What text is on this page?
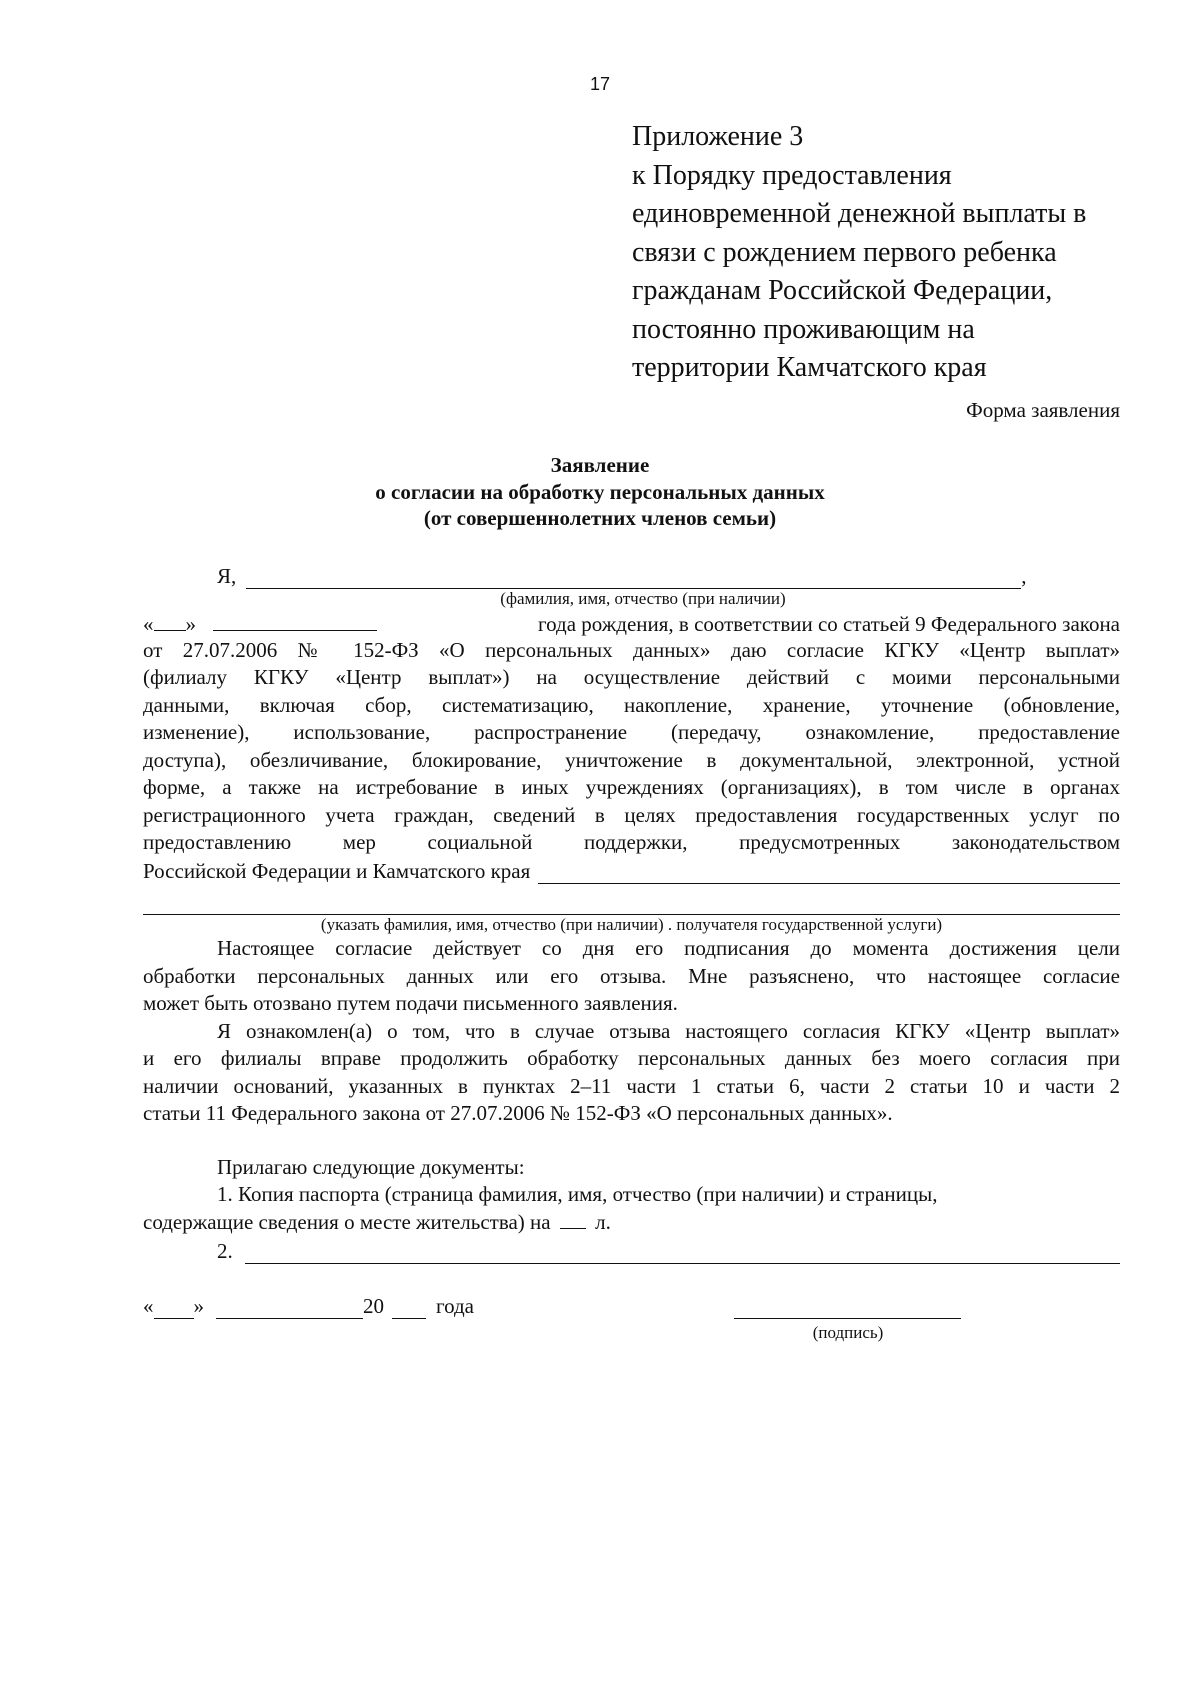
17
Приложение 3
к Порядку предоставления
единовременной денежной выплаты в
связи с рождением первого ребенка
гражданам Российской Федерации,
постоянно проживающим на
территории Камчатского края
Форма заявления
Заявление
о согласии на обработку персональных данных
(от совершеннолетних членов семьи)
Я,	,
(фамилия, имя, отчество (при наличии)
« »	года рождения, в соответствии со статьей 9 Федерального закона
от 27.07.2006 № 152-ФЗ «О персональных данных» даю согласие КГКУ «Центр выплат»
(филиалу КГКУ «Центр выплат») на осуществление действий с моими персональными
данными, включая сбор, систематизацию, накопление, хранение, уточнение (обновление,
изменение), использование, распространение (передачу, ознакомление, предоставление
доступа), обезличивание, блокирование, уничтожение в документальной, электронной, устной
форме, а также на истребование в иных учреждениях (организациях), в том числе в органах
регистрационного учета граждан, сведений в целях предоставления государственных услуг по
предоставлению мер социальной поддержки, предусмотренных законодательством
Российской Федерации и Камчатского края
(указать фамилия, имя, отчество (при наличии) . получателя государственной услуги)
Настоящее согласие действует со дня его подписания до момента достижения цели
обработки персональных данных или его отзыва. Мне разъяснено, что настоящее согласие
может быть отозвано путем подачи письменного заявления.
Я ознакомлен(а) о том, что в случае отзыва настоящего согласия КГКУ «Центр выплат»
и его филиалы вправе продолжить обработку персональных данных без моего согласия при
наличии оснований, указанных в пунктах 2–11 части 1 статьи 6, части 2 статьи 10 и части 2
статьи 11 Федерального закона от 27.07.2006 № 152-ФЗ «О персональных данных».
Прилагаю следующие документы:
1. Копия паспорта (страница фамилия, имя, отчество (при наличии) и страницы,
содержащие сведения о месте жительства) на л.
2.
« »	20 года
(подпись)
